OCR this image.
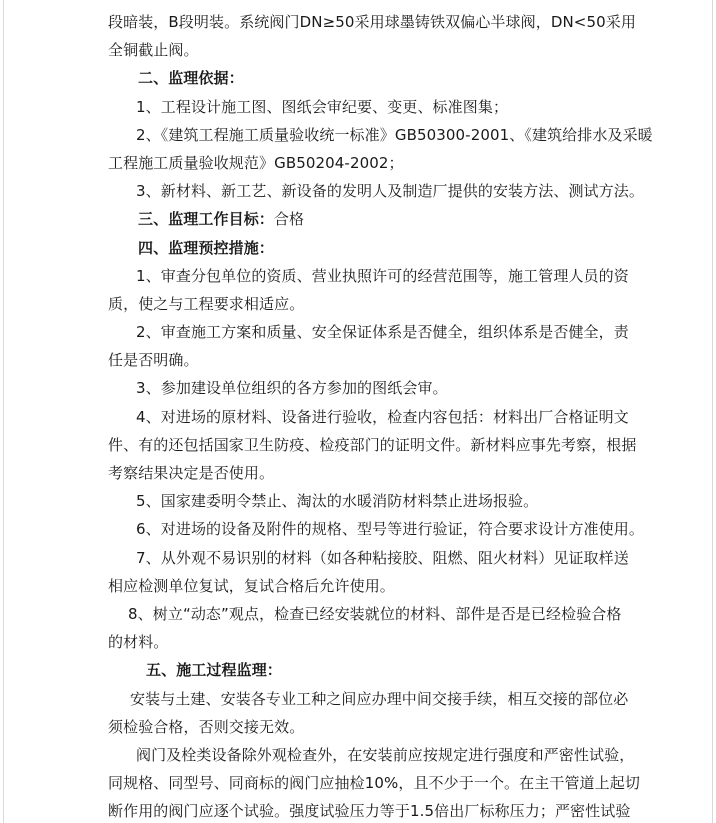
段暗装，B段明装。系统阀门DN≥50采用球墨铸铁双偏心半球阀，DN<50采用
全铜截止阀。
二、监理依据：
1、工程设计施工图、图纸会审纪要、变更、标准图集；
2、《建筑工程施工质量验收统一标准》GB50300-2001、《建筑给排水及采暖
工程施工质量验收规范》GB50204-2002；
3、新材料、新工艺、新设备的发明人及制造厂提供的安装方法、测试方法。
三、监理工作目标：合格
四、监理预控措施：
1、审查分包单位的资质、营业执照许可的经营范围等，施工管理人员的资
质，使之与工程要求相适应。
2、审查施工方案和质量、安全保证体系是否健全，组织体系是否健全，责
任是否明确。
3、参加建设单位组织的各方参加的图纸会审。
4、对进场的原材料、设备进行验收，检查内容包括：材料出厂合格证明文
件、有的还包括国家卫生防疫、检疫部门的证明文件。新材料应事先考察，根据
考察结果决定是否使用。
5、国家建委明令禁止、淘汰的水暖消防材料禁止进场报验。
6、对进场的设备及附件的规格、型号等进行验证，符合要求设计方准使用。
7、从外观不易识别的材料（如各种粘接胶、阻燃、阻火材料）见证取样送
相应检测单位复试，复试合格后允许使用。
8、树立“动态”观点，检查已经安装就位的材料、部件是否是已经检验合格
的材料。
五、施工过程监理：
安装与土建、安装各专业工种之间应办理中间交接手续，相互交接的部位必
须检验合格，否则交接无效。
阀门及栓类设备除外观检查外，在安装前应按规定进行强度和严密性试验，
同规格、同型号、同商标的阀门应抽检10%，且不少于一个。在主干管道上起切
断作用的阀门应逐个试验。强度试验压力等于1.5倍出厂标称压力；严密性试验
